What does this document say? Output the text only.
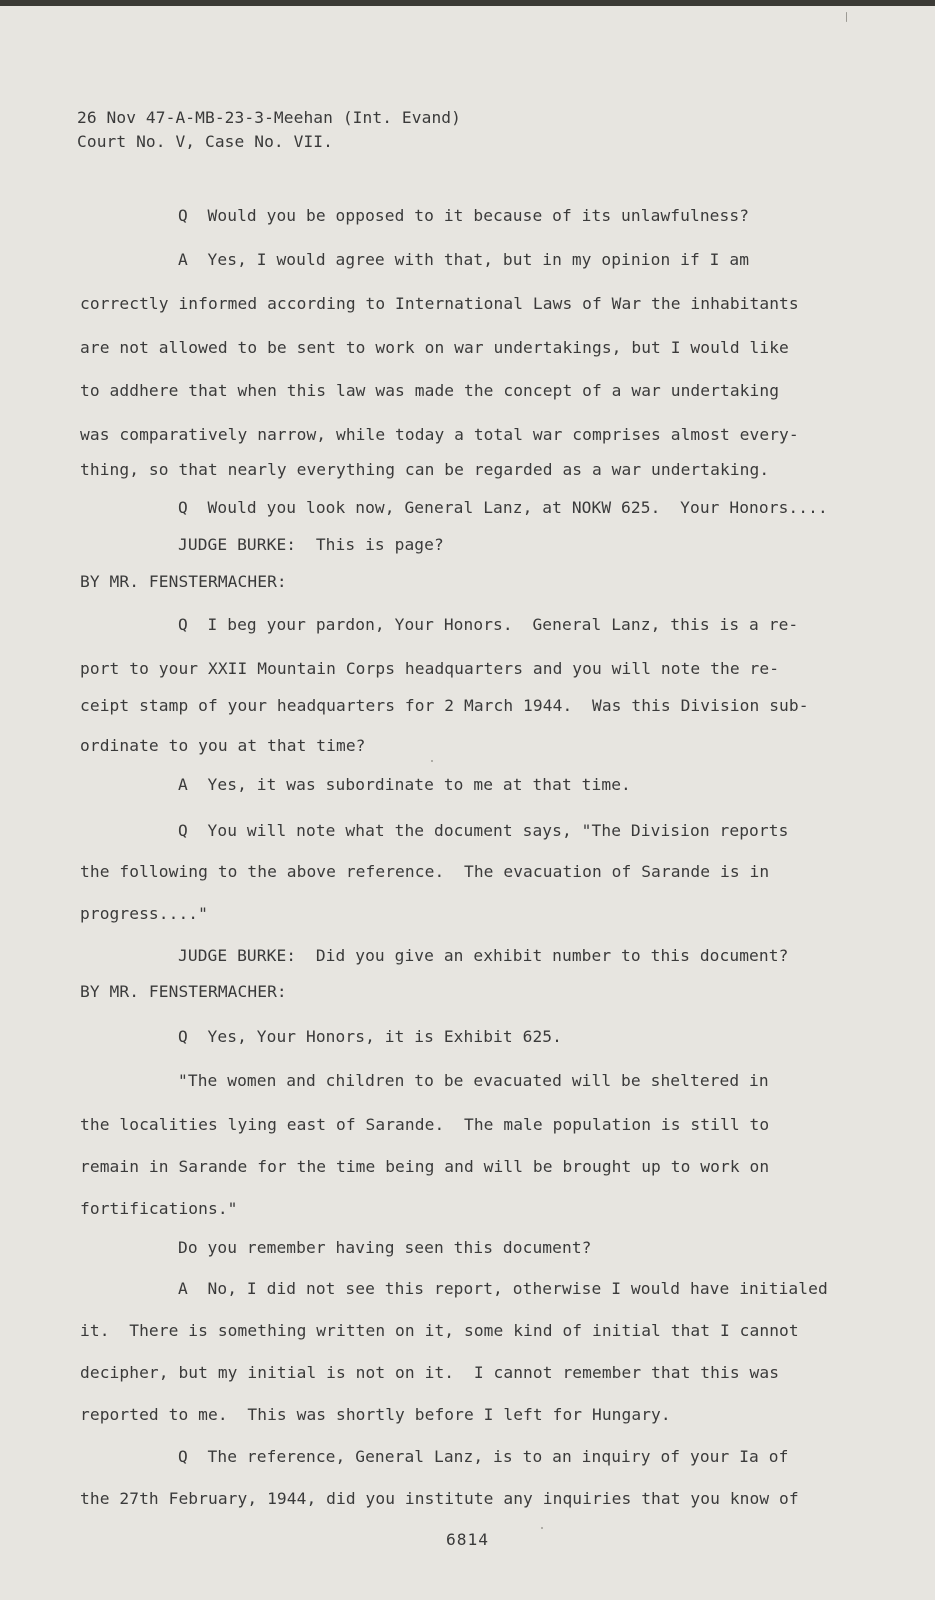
26 Nov 47-A-MB-23-3-Meehan (Int. Evand)
Court No. V, Case No. VII.
Q  Would you be opposed to it because of its unlawfulness?
A  Yes, I would agree with that, but in my opinion if I am
correctly informed according to International Laws of War the inhabitants
are not allowed to be sent to work on war undertakings, but I would like
to addhere that when this law was made the concept of a war undertaking
was comparatively narrow, while today a total war comprises almost every-
thing, so that nearly everything can be regarded as a war undertaking.
Q  Would you look now, General Lanz, at NOKW 625.  Your Honors....
JUDGE BURKE:  This is page?
BY MR. FENSTERMACHER:
Q  I beg your pardon, Your Honors.  General Lanz, this is a re-
port to your XXII Mountain Corps headquarters and you will note the re-
ceipt stamp of your headquarters for 2 March 1944.  Was this Division sub-
ordinate to you at that time?
A  Yes, it was subordinate to me at that time.
Q  You will note what the document says, "The Division reports
the following to the above reference.  The evacuation of Sarande is in
progress...."
JUDGE BURKE:  Did you give an exhibit number to this document?
BY MR. FENSTERMACHER:
Q  Yes, Your Honors, it is Exhibit 625.
"The women and children to be evacuated will be sheltered in
the localities lying east of Sarande.  The male population is still to
remain in Sarande for the time being and will be brought up to work on
fortifications."
Do you remember having seen this document?
A  No, I did not see this report, otherwise I would have initialed
it.  There is something written on it, some kind of initial that I cannot
decipher, but my initial is not on it.  I cannot remember that this was
reported to me.  This was shortly before I left for Hungary.
Q  The reference, General Lanz, is to an inquiry of your Ia of
the 27th February, 1944, did you institute any inquiries that you know of
6814
